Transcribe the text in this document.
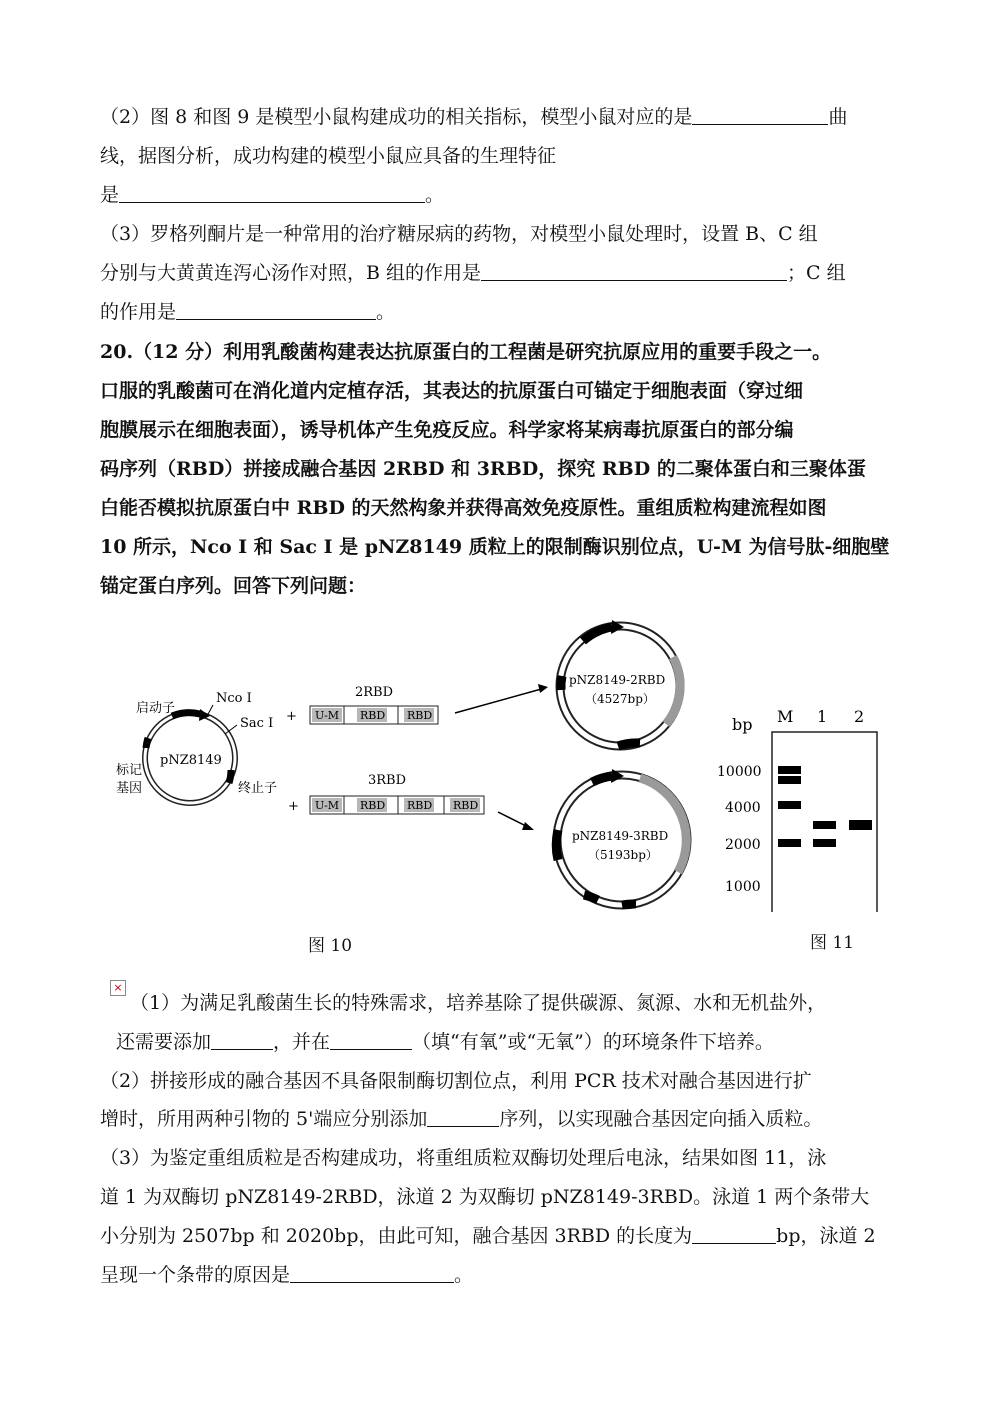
（2）图 8 和图 9 是模型小鼠构建成功的相关指标，模型小鼠对应的是	曲
线，据图分析，成功构建的模型小鼠应具备的生理特征
是	。
（3）罗格列酮片是一种常用的治疗糖尿病的药物，对模型小鼠处理时，设置 B、C 组
分别与大黄黄连泻心汤作对照，B 组的作用是	；C 组
的作用是	。
20.（12 分）利用乳酸菌构建表达抗原蛋白的工程菌是研究抗原应用的重要手段之一。
口服的乳酸菌可在消化道内定植存活，其表达的抗原蛋白可锚定于细胞表面（穿过细
胞膜展示在细胞表面），诱导机体产生免疫反应。科学家将某病毒抗原蛋白的部分编
码序列（RBD）拼接成融合基因 2RBD 和 3RBD，探究 RBD 的二聚体蛋白和三聚体蛋
白能否模拟抗原蛋白中 RBD 的天然构象并获得高效免疫原性。重组质粒构建流程如图
10 所示，Nco I 和 Sac I 是 pNZ8149 质粒上的限制酶识别位点，U-M 为信号肽-细胞壁
锚定蛋白序列。回答下列问题：
pNZ8149
启动子
Nco I
Sac I
标记
基因	终止子
+
2RBD
U-M RBD RBD
+
3RBD
U-M RBD RBD RBD
pNZ8149-2RBD
（4527bp）
pNZ8149-3RBD
（5193bp）
bp M 1 2
10000
4000
2000
1000
图 10	图 11
×
（1）为满足乳酸菌生长的特殊需求，培养基除了提供碳源、氮源、水和无机盐外，
还需要添加	，并在	（填“有氧”或“无氧”）的环境条件下培养。
（2）拼接形成的融合基因不具备限制酶切割位点，利用 PCR 技术对融合基因进行扩
增时，所用两种引物的 5'端应分别添加	序列，以实现融合基因定向插入质粒。
（3）为鉴定重组质粒是否构建成功，将重组质粒双酶切处理后电泳，结果如图 11，泳
道 1 为双酶切 pNZ8149-2RBD，泳道 2 为双酶切 pNZ8149-3RBD。泳道 1 两个条带大
小分别为 2507bp 和 2020bp，由此可知，融合基因 3RBD 的长度为	bp，泳道 2
呈现一个条带的原因是	。
